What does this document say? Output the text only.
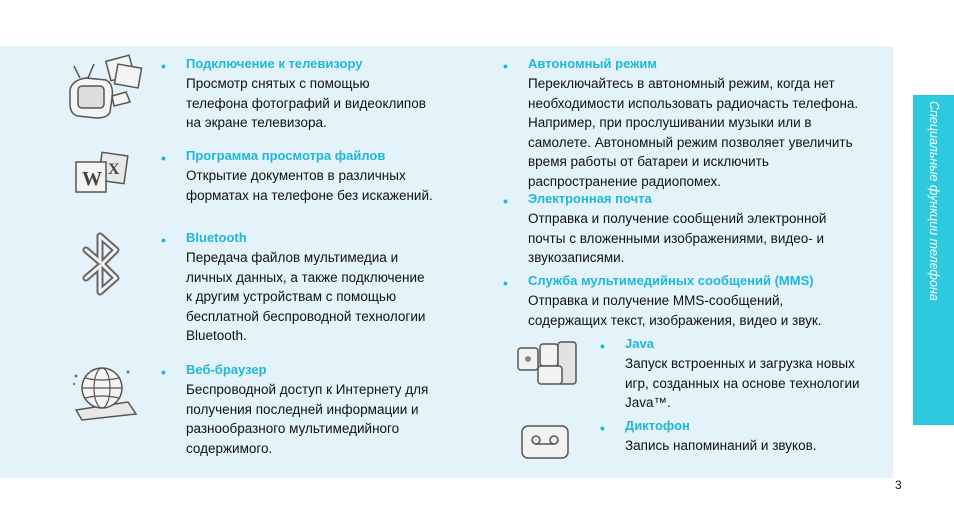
W X
• Подключение к телевизору
Просмотр снятых с помощью
телефона фотографий и видеоклипов
на экране телевизора.
• Программа просмотра файлов
Открытие документов в различных
форматах на телефоне без искажений.
• Bluetooth
Передача файлов мультимедиа и
личных данных, а также подключение
к другим устройствам с помощью
бесплатной беспроводной технологии
Bluetooth.
• Веб-браузер
Беспроводной доступ к Интернету для
получения последней информации и
разнообразного мультимедийного
содержимого.
• Автономный режим
Переключайтесь в автономный режим, когда нет
необходимости использовать радиочасть телефона.
Например, при прослушивании музыки или в
самолете. Автономный режим позволяет увеличить
время работы от батареи и исключить
распространение радиопомех.
• Электронная почта
Отправка и получение сообщений электронной
почты с вложенными изображениями, видео- и
звукозаписями.
• Служба мультимедийных сообщений (MMS)
Отправка и получение MMS-сообщений,
содержащих текст, изображения, видео и звук.
• Java
Запуск встроенных и загрузка новых
игр, созданных на основе технологии
Java™.
• Диктофон
Запись напоминаний и звуков.
Специальные функции телефона
3
